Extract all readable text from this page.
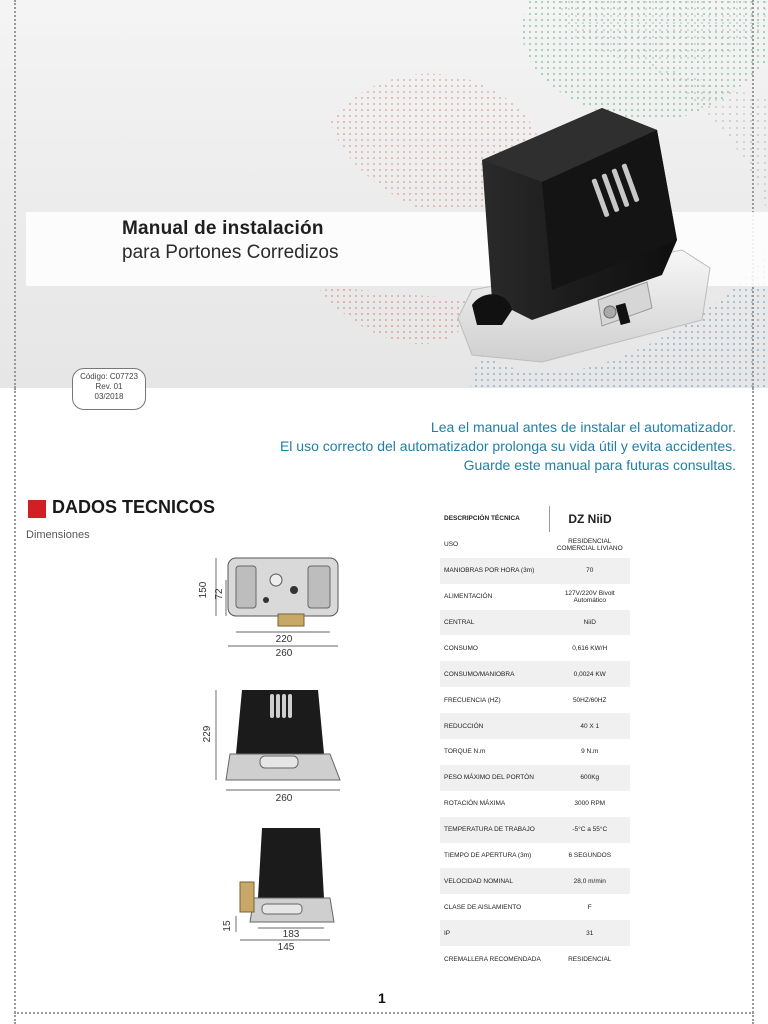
Manual de instalación
para Portones Corredizos
Código: C07723
Rev. 01
03/2018
Lea el manual antes de instalar el automatizador.
El uso correcto del automatizador prolonga su vida útil y evita accidentes.
Guarde este manual para futuras consultas.
DADOS TECNICOS
Dimensiones
150 72
220
260
229
260
15
183
145
DESCRIPCIÓN TÉCNICA	DZ NiiD
USO	RESIDENCIAL COMERCIAL LIVIANO
MANIOBRAS POR HORA (3m)	70
ALIMENTACIÓN	127V/220V Bivolt Automático
CENTRAL	NiiD
CONSUMO	0,616 KW/H
CONSUMO/MANIOBRA	0,0024 KW
FRECUENCIA (HZ)	50HZ/60HZ
REDUCCIÓN	40 X 1
TORQUE N.m	9 N.m
PESO MÁXIMO DEL PORTÓN	600Kg
ROTACIÓN MÁXIMA	3000 RPM
TEMPERATURA DE TRABAJO	-5°C a 55°C
TIEMPO DE APERTURA (3m)	6 SEGUNDOS
VELOCIDAD NOMINAL	28,0 m/min
CLASE DE AISLAMIENTO	F
IP	31
CREMALLERA RECOMENDADA	RESIDENCIAL
1
